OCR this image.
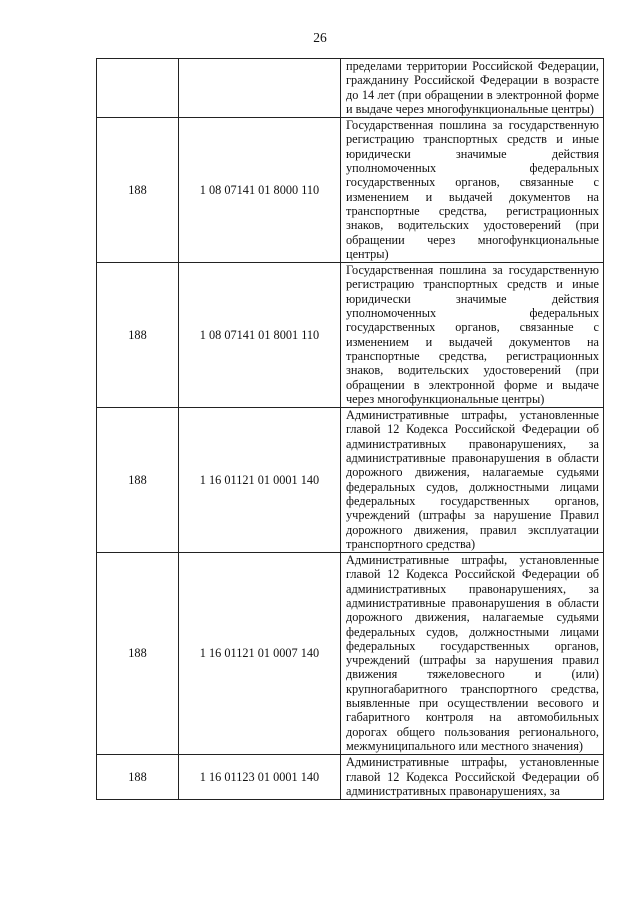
26

		пределами территории Российской Федерации, гражданину Российской Федерации в возрасте до 14 лет (при обращении в электронной форме и выдаче через многофункциональные центры)

188	1 08 07141 01 8000 110	Государственная пошлина за государственную регистрацию транспортных средств и иные юридически значимые действия уполномоченных федеральных государственных органов, связанные с изменением и выдачей документов на транспортные средства, регистрационных знаков, водительских удостоверений (при обращении через многофункциональные центры)

188	1 08 07141 01 8001 110	Государственная пошлина за государственную регистрацию транспортных средств и иные юридически значимые действия уполномоченных федеральных государственных органов, связанные с изменением и выдачей документов на транспортные средства, регистрационных знаков, водительских удостоверений (при обращении в электронной форме и выдаче через многофункциональные центры)

188	1 16 01121 01 0001 140	Административные штрафы, установленные главой 12 Кодекса Российской Федерации об административных правонарушениях, за административные правонарушения в области дорожного движения, налагаемые судьями федеральных судов, должностными лицами федеральных государственных органов, учреждений (штрафы за нарушение Правил дорожного движения, правил эксплуатации транспортного средства)

188	1 16 01121 01 0007 140	Административные штрафы, установленные главой 12 Кодекса Российской Федерации об административных правонарушениях, за административные правонарушения в области дорожного движения, налагаемые судьями федеральных судов, должностными лицами федеральных государственных органов, учреждений (штрафы за нарушения правил движения тяжеловесного и (или) крупногабаритного транспортного средства, выявленные при осуществлении весового и габаритного контроля на автомобильных дорогах общего пользования регионального, межмуниципального или местного значения)

188	1 16 01123 01 0001 140	Административные штрафы, установленные главой 12 Кодекса Российской Федерации об административных правонарушениях, за
